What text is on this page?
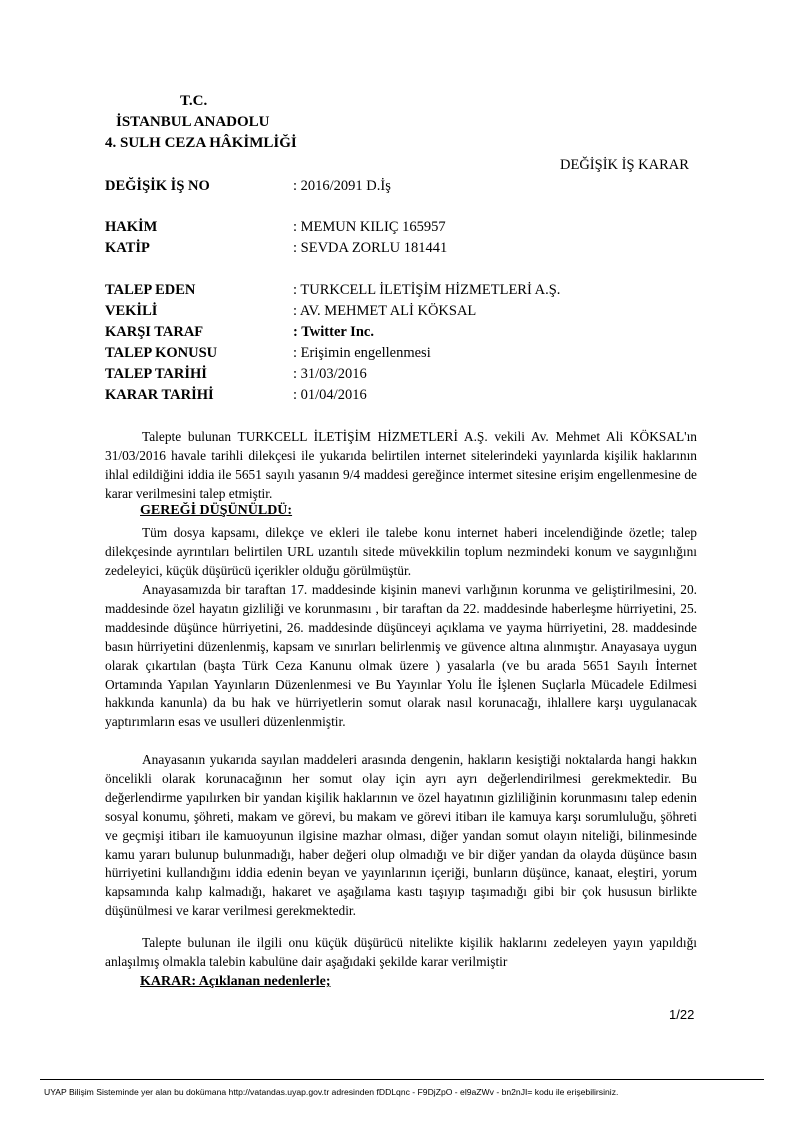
T.C.
İSTANBUL ANADOLU
4. SULH CEZA HÂKİMLİĞİ
DEĞİŞİK İŞ KARAR
DEĞİŞİK İŞ NO	: 2016/2091 D.İş
HAKİM	: MEMUN KILIÇ 165957
KATİP	: SEVDA ZORLU 181441
TALEP EDEN	: TURKCELL İLETİŞİM HİZMETLERİ A.Ş.
VEKİLİ	: AV. MEHMET ALİ KÖKSAL
KARŞI TARAF	: Twitter Inc.
TALEP KONUSU	: Erişimin engellenmesi
TALEP TARİHİ	: 31/03/2016
KARAR TARİHİ	: 01/04/2016
Talepte bulunan TURKCELL İLETİŞİM HİZMETLERİ A.Ş. vekili Av. Mehmet Ali KÖKSAL'ın 31/03/2016 havale tarihli dilekçesi ile yukarıda belirtilen internet sitelerindeki yayınlarda kişilik haklarının ihlal edildiğini iddia ile 5651 sayılı yasanın 9/4 maddesi gereğince intermet sitesine erişim engellenmesine de karar verilmesini talep etmiştir.
GEREĞİ DÜŞÜNÜLDÜ:
Tüm dosya kapsamı, dilekçe ve ekleri ile talebe konu internet haberi incelendiğinde özetle; talep dilekçesinde ayrıntıları belirtilen URL uzantılı sitede müvekkilin toplum nezmindeki konum ve saygınlığını zedeleyici, küçük düşürücü içerikler olduğu görülmüştür.
Anayasamızda bir taraftan 17. maddesinde kişinin manevi varlığının korunma ve geliştirilmesini, 20. maddesinde özel hayatın gizliliği ve korunmasını , bir taraftan da 22. maddesinde haberleşme hürriyetini, 25. maddesinde düşünce hürriyetini, 26. maddesinde düşünceyi açıklama ve yayma hürriyetini, 28. maddesinde basın hürriyetini düzenlenmiş, kapsam ve sınırları belirlenmiş ve güvence altına alınmıştır. Anayasaya uygun olarak çıkartılan (başta Türk Ceza Kanunu olmak üzere ) yasalarla (ve bu arada 5651 Sayılı İnternet Ortamında Yapılan Yayınların Düzenlenmesi ve Bu Yayınlar Yolu İle İşlenen Suçlarla Mücadele Edilmesi hakkında kanunla) da bu hak ve hürriyetlerin somut olarak nasıl korunacağı, ihlallere karşı uygulanacak yaptırımların esas ve usulleri düzenlenmiştir.
Anayasanın yukarıda sayılan maddeleri arasında dengenin, hakların kesiştiği noktalarda hangi hakkın öncelikli olarak korunacağının her somut olay için ayrı ayrı değerlendirilmesi gerekmektedir. Bu değerlendirme yapılırken bir yandan kişilik haklarının ve özel hayatının gizliliğinin korunmasını talep edenin sosyal konumu, şöhreti, makam ve görevi, bu makam ve görevi itibarı ile kamuya karşı sorumluluğu, şöhreti ve geçmişi itibarı ile kamuoyunun ilgisine mazhar olması, diğer yandan somut olayın niteliği, bilinmesinde kamu yararı bulunup bulunmadığı, haber değeri olup olmadığı ve bir diğer yandan da olayda düşünce basın hürriyetini kullandığını iddia edenin beyan ve yayınlarının içeriği, bunların düşünce, kanaat, eleştiri, yorum kapsamında kalıp kalmadığı, hakaret ve aşağılama kastı taşıyıp taşımadığı gibi bir çok hususun birlikte düşünülmesi ve karar verilmesi gerekmektedir.
Talepte bulunan ile ilgili onu küçük düşürücü nitelikte kişilik haklarını zedeleyen yayın yapıldığı anlaşılmış olmakla talebin kabulüne dair aşağıdaki şekilde karar verilmiştir
KARAR: Açıklanan nedenlerle;
1/22
UYAP Bilişim Sisteminde yer alan bu dokümana http://vatandas.uyap.gov.tr adresinden fDDLqnc - F9DjZpO - el9aZWv - bn2nJI= kodu ile erişebilirsiniz.
